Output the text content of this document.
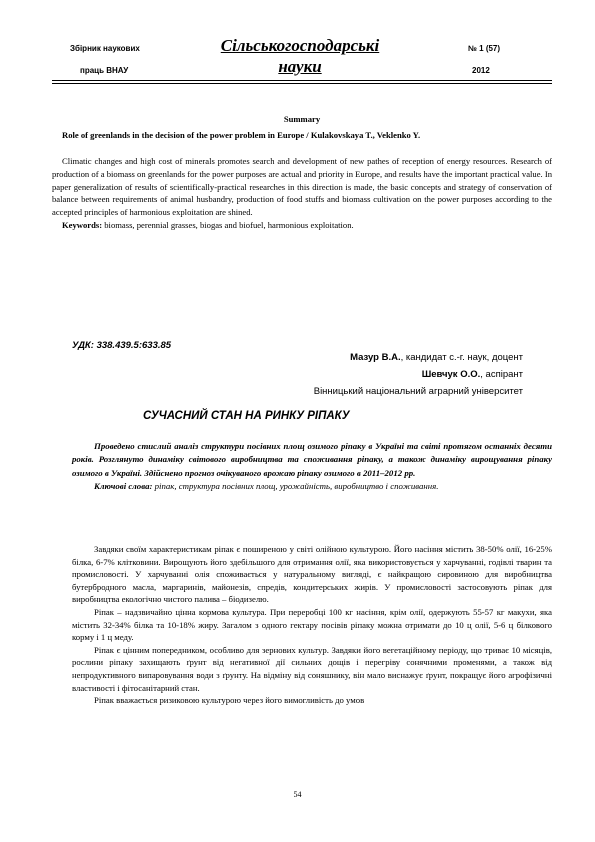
Збірник наукових
праць ВНАУ
Сільськогосподарські
науки
№ 1 (57)
2012
Summary
Role of greenlands in the decision of the power problem in Europe / Kulakovskaya T., Veklenko Y.

Climatic changes and high cost of minerals promotes search and development of new pathes of reception of energy resources. Research of production of a biomass on greenlands for the power purposes are actual and priority in Europe, and results have the important practical value. In paper generalization of results of scientifically-practical researches in this direction is made, the basic concepts and strategy of conservation of balance between requirements of animal husbandry, production of food stuffs and biomass cultivation on the power purposes according to the accepted principles of harmonious exploitation are shined.

Keywords: biomass, perennial grasses, biogas and biofuel, harmonious exploitation.

УДК: 338.439.5:633.85
Мазур В.А., кандидат с.-г. наук, доцент
Шевчук О.О., аспірант
Вінницький національний аграрний університет
СУЧАСНИЙ СТАН НА РИНКУ РІПАКУ

Проведено стислий аналіз структури посівних площ озимого ріпаку в Україні та світі протягом останніх десяти років. Розглянуто динаміку світового виробництва та споживання ріпаку, а також динаміку вирощування ріпаку озимого в Україні. Здійснено прогноз очікуваного врожаю ріпаку озимого в 2011–2012 рр.

Ключові слова: ріпак, структура посівних площ, урожайність, виробництво і споживання.

Завдяки своїм характеристикам ріпак є поширеною у світі олійною культурою. Його насіння містить 38-50% олії, 16-25% білка, 6-7% клітковини. Вирощують його здебільшого для отримання олії, яка використовується у харчуванні, годівлі тварин та промисловості. У харчуванні олія споживається у натуральному вигляді, є найкращою сировиною для виробництва бутербродного масла, маргаринів, майонезів, спредів, кондитерських жирів. У промисловості застосовують ріпак для виробництва екологічно чистого палива – біодизелю.

Ріпак – надзвичайно цінна кормова культура. При переробці 100 кг насіння, крім олії, одержують 55-57 кг макухи, яка містить 32-34% білка та 10-18% жиру. Загалом з одного гектару посівів ріпаку можна отримати до 10 ц олії, 5-6 ц білкового корму і 1 ц меду.

Ріпак є цінним попередником, особливо для зернових культур. Завдяки його вегетаційному періоду, що триває 10 місяців, рослини ріпаку захищають ґрунт від негативної дії сильних дощів і перегріву сонячними променями, а також від непродуктивного випаровування води з ґрунту. На відміну від соняшнику, він мало виснажує ґрунт, покращує його агрофізичні властивості і фітосанітарний стан.

Ріпак вважається ризиковою культурою через його вимогливість до умов

54
